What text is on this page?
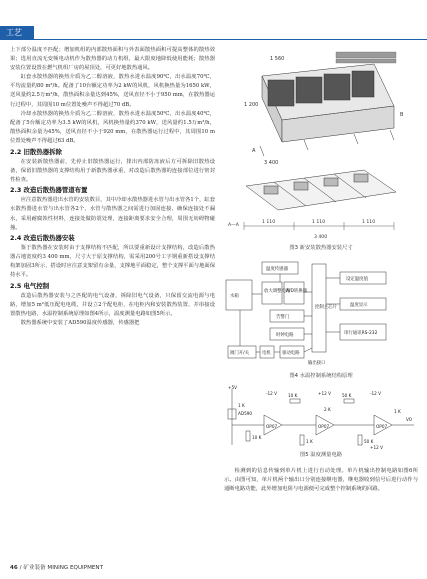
工艺
上下部分温度不匹配；增加机组的内部散热面积与外表面散热面积可提高整体的散热效果；选用直流无变频电动机作为散热器的动力机组，最大限度地降低使用能耗；散热器安装位置设置在燃气机组厂房的屋顶处，可更好地散热通风。
缸套水散热器的换热介质为乙二醇溶液，散热水进水温度90℃，出水温度70℃，平均流量约80 m³/h。配备了10台额定功率为2 kW的风机，风机换热量为1650 kW，送风量约2.5万m³/h，散热面积余量达到45%，送风直径不小于950 mm，在散热器运行过程中，其周围10 m位置处噪声不得超过70 dB。
冷却水散热器的换热介质为乙二醇溶液，散热水进水温度50℃，出水温度40℃，配备了5台额定功率为3.5 kW的风机，风机换热量约370 kW，送风量约1.5万m³/h，散热面积余量为45%，送风直径不小于920 mm，在散热器运行过程中，其周围10 m位置处噪声不得超过63 dB。
2.2 旧散热器拆除
在安装新散热器前，先停止旧散热器运行，排出内部防冻液后方可拆除旧散热设备，保留旧散热器的支撑结构用于新散热器承重，对改造后散热器的连接部位进行密封性检查。
2.3 改造后散热器管道布置
应注意散热器进出水管的安装数目，其中冷却水散热器进水管与出水管各1个，缸套水散热器进水管与出水管各2个，水管与散热器之间需进行加固连接，确保连接处不漏水，采用耐腐蚀性材料，连接处做防震处理，连接距离要求安全合理，周围无妨碍物碰撞。
2.4 改造后散热器安装
鉴于散热器在安装时由于支撑结构不匹配，所以要重新设计支撑结构，改造后散热器占地宽度约3 400 mm，尺寸大于原支撑结构，需采用200号工字钢重新搭设支撑结构架加固3所示，搭设时应注意支架留有余量，支撑地平面稳定，整个支撑平面与地面保持水平。
2.5 电气控制
改造后散热器安装与之匹配的电气设备，拆除旧电气设备，只保留交流电源与电路，增加5 m²低压配电电缆，并设立2个配电柜，在电柜内和安装散热装置，并串接设置散热电路，水温控制系统原理如图4所示，温度测量电路如图5所示。
散热器系统中安装了AD590温度传感器，传感器把
1 560
1 200
3 400
A
B
1 110	1 110	1 110
3 400
A—A
图3 新安装散热器安装尺寸
温度传感器
放大调整电路
A/D转换器
水箱
控制主芯片
告警门
时钟电路
设定温度值
温度显示
串行通讯RS-232
阀门开/关	电机	驱动电路
输出接口
图4 水温控制系统结构原理
+5V
-12 V	+12 V	-12 V
+12 V
1 K
AD590
10 K
10 K	50 K
1 K	50 K
2 K	1 K
OP07	OP07	OP07
VO
图5 温度测量电路
检测到的信息传输到单片机上进行自动处理。单片机输出控制电路如图6所示。由图可知，单片机两个输出口分别连接继电器，继电器收到信号后进行动作与通断电路功能，此外增加电阻与电源便可完成整个控制系统的回路。
46 / 矿业装备 MINING EQUIPMENT
